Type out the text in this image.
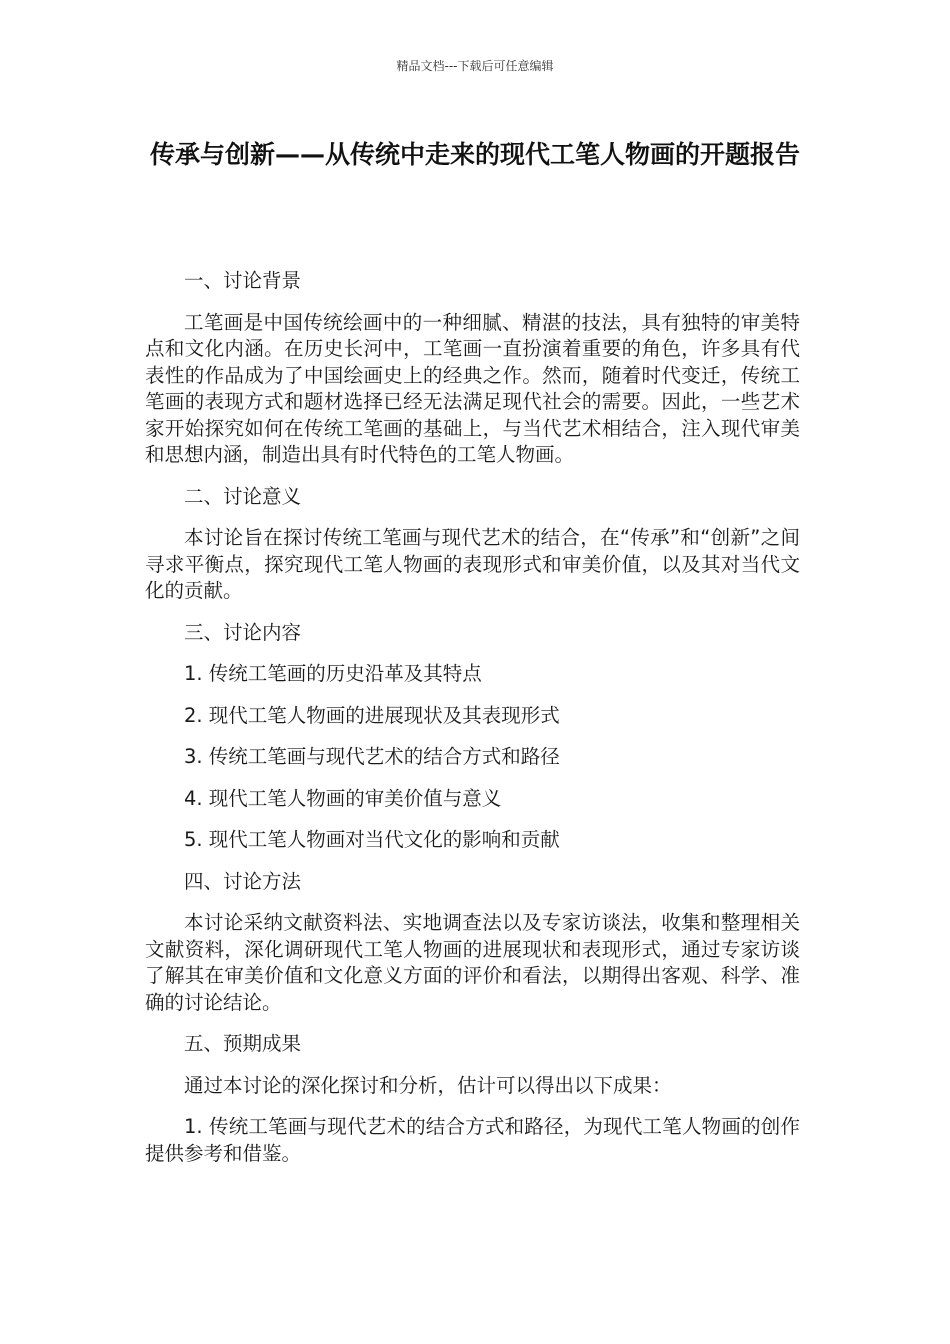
精品文档---下载后可任意编辑
传承与创新——从传统中走来的现代工笔人物画的开题报告

一、讨论背景

工笔画是中国传统绘画中的一种细腻、精湛的技法，具有独特的审美特点和文化内涵。在历史长河中，工笔画一直扮演着重要的角色，许多具有代表性的作品成为了中国绘画史上的经典之作。然而，随着时代变迁，传统工笔画的表现方式和题材选择已经无法满足现代社会的需要。因此，一些艺术家开始探究如何在传统工笔画的基础上，与当代艺术相结合，注入现代审美和思想内涵，制造出具有时代特色的工笔人物画。

二、讨论意义

本讨论旨在探讨传统工笔画与现代艺术的结合，在“传承”和“创新”之间寻求平衡点，探究现代工笔人物画的表现形式和审美价值，以及其对当代文化的贡献。

三、讨论内容

1. 传统工笔画的历史沿革及其特点

2. 现代工笔人物画的进展现状及其表现形式

3. 传统工笔画与现代艺术的结合方式和路径

4. 现代工笔人物画的审美价值与意义

5. 现代工笔人物画对当代文化的影响和贡献

四、讨论方法

本讨论采纳文献资料法、实地调查法以及专家访谈法，收集和整理相关文献资料，深化调研现代工笔人物画的进展现状和表现形式，通过专家访谈了解其在审美价值和文化意义方面的评价和看法，以期得出客观、科学、准确的讨论结论。

五、预期成果

通过本讨论的深化探讨和分析，估计可以得出以下成果：

1. 传统工笔画与现代艺术的结合方式和路径，为现代工笔人物画的创作提供参考和借鉴。
